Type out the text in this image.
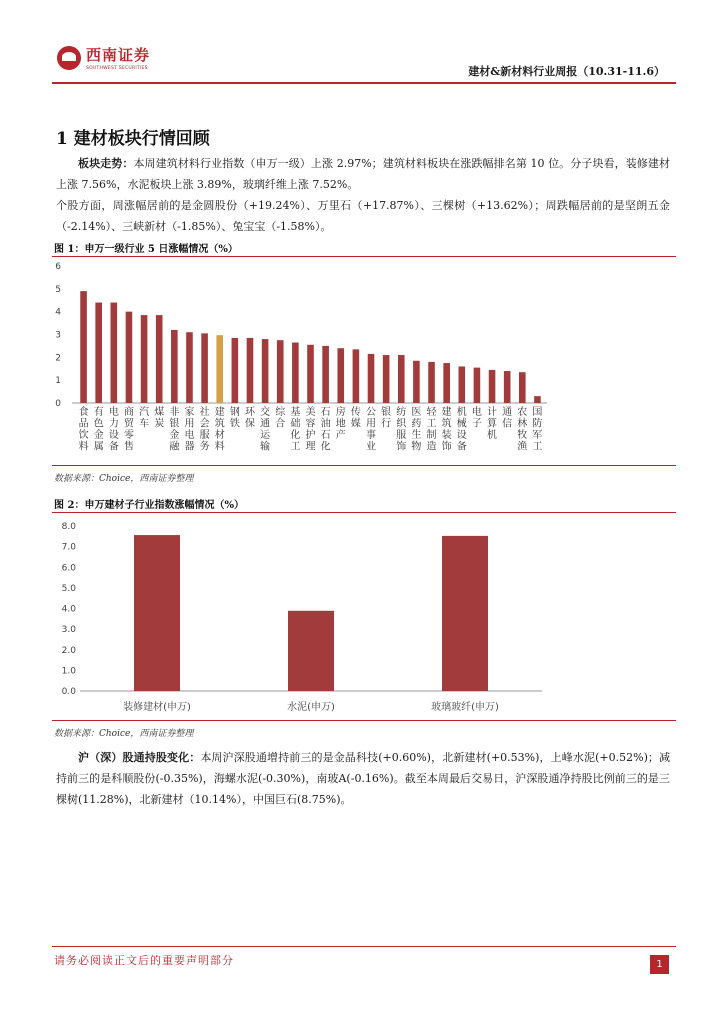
西南证券
SOUTHWEST SECURITIES	建材&新材料行业周报（10.31-11.6）
1 建材板块行情回顾

板块走势：本周建筑材料行业指数（申万一级）上涨 2.97%；建筑材料板块在涨跌幅排名第 10 位。分子块看，装修建材上涨 7.56%，水泥板块上涨 3.89%，玻璃纤维上涨 7.52%。

个股方面，周涨幅居前的是金圆股份（+19.24%）、万里石（+17.87%）、三棵树（+13.62%）；周跌幅居前的是坚朗五金（-2.14%）、三峡新材（-1.85%）、兔宝宝（-1.58%）。

图 1：申万一级行业 5 日涨幅情况（%）
0
1
2
3
4
5
6
食品饮料
有色金属
电力设备
商贸零售
汽车
煤炭
非银金融
家用电器
社会服务
建筑材料
钢铁
环保
交通运输
综合
基础化工
美容护理
石油石化
房地产
传媒
公用事业
银行
纺织服饰
医药生物
轻工制造
建筑装饰
机械设备
电子
计算机
通信
农林牧渔
国防军工
数据来源：Choice，西南证券整理
图 2：申万建材子行业指数涨幅情况（%）
0.0
1.0
2.0
3.0
4.0
5.0
6.0
7.0
8.0
装修建材(申万)	水泥(申万)	玻璃玻纤(申万)
数据来源：Choice，西南证券整理

沪（深）股通持股变化：本周沪深股通增持前三的是金晶科技(+0.60%)，北新建材(+0.53%)，上峰水泥(+0.52%)；减持前三的是科顺股份(-0.35%)，海螺水泥(-0.30%)，南玻A(-0.16%)。截至本周最后交易日，沪深股通净持股比例前三的是三棵树(11.28%)，北新建材（10.14%），中国巨石(8.75%)。

请务必阅读正文后的重要声明部分	1
